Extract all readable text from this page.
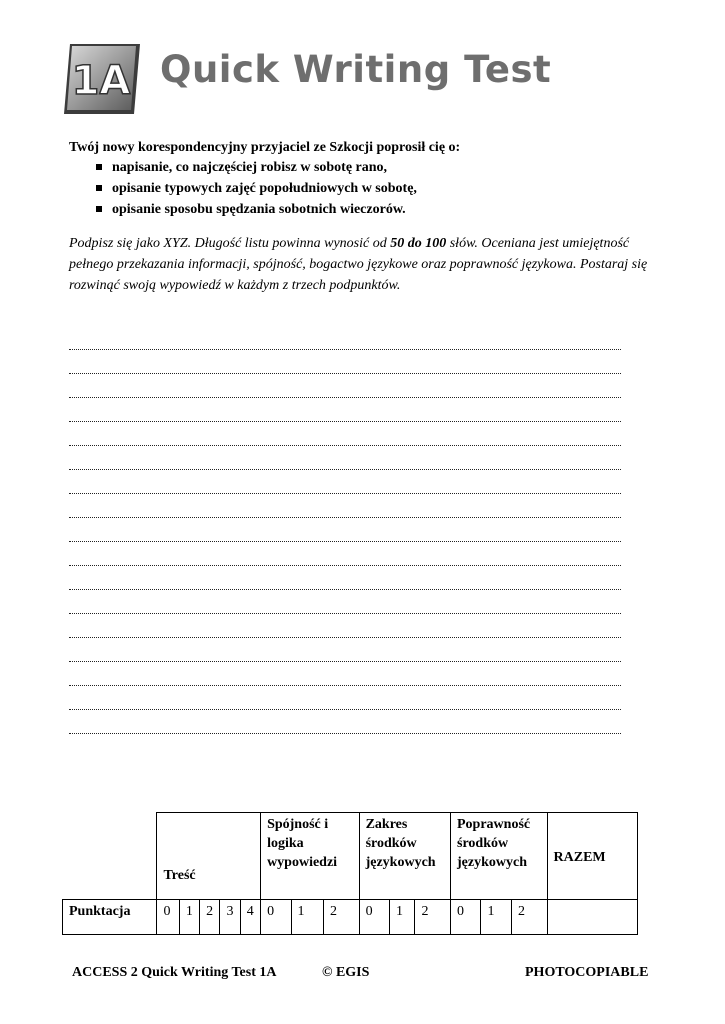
1A Quick Writing Test
Twój nowy korespondencyjny przyjaciel ze Szkocji poprosił cię o:
napisanie, co najczęściej robisz w sobotę rano,
opisanie typowych zajęć popołudniowych w sobotę,
opisanie sposobu spędzania sobotnich wieczorów.
Podpisz się jako XYZ. Długość listu powinna wynosić od 50 do 100 słów. Oceniana jest umiejętność pełnego przekazania informacji, spójność, bogactwo językowe oraz poprawność językowa. Postaraj się rozwinąć swoją wypowiedź w każdym z trzech podpunktów.
	Treść					Spójność i logika wypowiedzi			Zakres środków językowych			Poprawność środków językowych			RAZEM
Punktacja	0	1	2	3	4	0	1	2	0	1	2	0	1	2	
ACCESS 2 Quick Writing Test 1A	© EGIS	PHOTOCOPIABLE
